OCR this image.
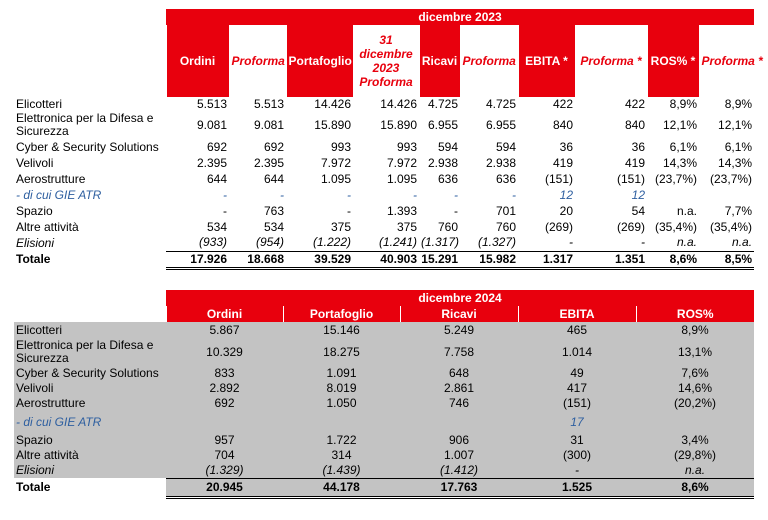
	dicembre 2023									
	Ordini	Proforma	Portafoglio	31
dicembre
2023
Proforma	Ricavi	Proforma	EBITA *	Proforma *	ROS% *	Proforma *
Elicotteri	5.513	5.513	14.426	14.426	4.725	4.725	422	422	8,9%	8,9%
Elettronica per la Difesa e Sicurezza	9.081	9.081	15.890	15.890	6.955	6.955	840	840	12,1%	12,1%
Cyber & Security Solutions	692	692	993	993	594	594	36	36	6,1%	6,1%
Velivoli	2.395	2.395	7.972	7.972	2.938	2.938	419	419	14,3%	14,3%
Aerostrutture	644	644	1.095	1.095	636	636	(151)	(151)	(23,7%)	(23,7%)
- di cui GIE ATR	-	-	-	-	-	-	12	12		
Spazio	-	763	-	1.393	-	701	20	54	n.a.	7,7%
Altre attività	534	534	375	375	760	760	(269)	(269)	(35,4%)	(35,4%)
Elisioni	(933)	(954)	(1.222)	(1.241)	(1.317)	(1.327)	-	-	n.a.	n.a.
Totale	17.926	18.668	39.529	40.903	15.291	15.982	1.317	1.351	8,6%	8,5%
	dicembre 2024				
	Ordini	Portafoglio	Ricavi	EBITA	ROS%
Elicotteri	5.867	15.146	5.249	465	8,9%
Elettronica per la Difesa e Sicurezza	10.329	18.275	7.758	1.014	13,1%
Cyber & Security Solutions	833	1.091	648	49	7,6%
Velivoli	2.892	8.019	2.861	417	14,6%
Aerostrutture	692	1.050	746	(151)	(20,2%)
- di cui GIE ATR				17	
Spazio	957	1.722	906	31	3,4%
Altre attività	704	314	1.007	(300)	(29,8%)
Elisioni	(1.329)	(1.439)	(1.412)	-	n.a.
Totale	20.945	44.178	17.763	1.525	8,6%
